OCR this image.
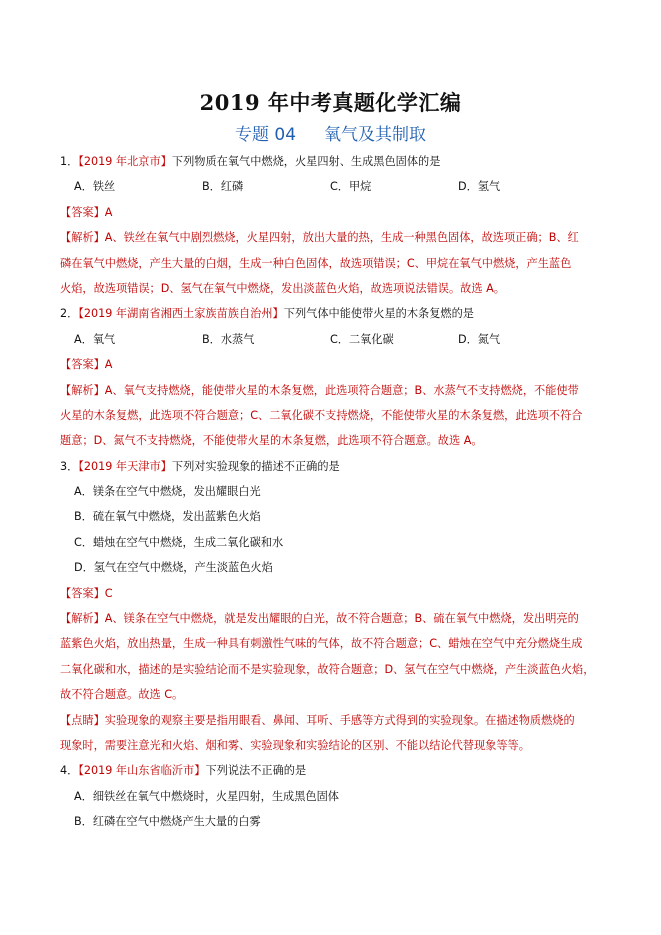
2019 年中考真题化学汇编
专题 04 氧气及其制取
1．【2019 年北京市】下列物质在氧气中燃烧，火星四射、生成黑色固体的是
A．铁丝	B．红磷	C．甲烷	D．氢气
【答案】A
【解析】A、铁丝在氧气中剧烈燃烧，火星四射，放出大量的热，生成一种黑色固体，故选项正确；B、红
磷在氧气中燃烧，产生大量的白烟，生成一种白色固体，故选项错误；C、甲烷在氧气中燃烧，产生蓝色
火焰，故选项错误；D、氢气在氧气中燃烧，发出淡蓝色火焰，故选项说法错误。故选 A。
2．【2019 年湖南省湘西土家族苗族自治州】下列气体中能使带火星的木条复燃的是
A．氧气	B．水蒸气	C．二氧化碳	D．氮气
【答案】A
【解析】A、氧气支持燃烧，能使带火星的木条复燃，此选项符合题意；B、水蒸气不支持燃烧，不能使带
火星的木条复燃，此选项不符合题意；C、二氧化碳不支持燃烧，不能使带火星的木条复燃，此选项不符合
题意；D、氮气不支持燃烧，不能使带火星的木条复燃，此选项不符合题意。故选 A。
3．【2019 年天津市】下列对实验现象的描述不正确的是
A．镁条在空气中燃烧，发出耀眼白光
B．硫在氧气中燃烧，发出蓝紫色火焰
C．蜡烛在空气中燃烧，生成二氧化碳和水
D．氢气在空气中燃烧，产生淡蓝色火焰
【答案】C
【解析】A、镁条在空气中燃烧，就是发出耀眼的白光，故不符合题意；B、硫在氧气中燃烧，发出明亮的
蓝紫色火焰，放出热量，生成一种具有刺激性气味的气体，故不符合题意；C、蜡烛在空气中充分燃烧生成
二氧化碳和水，描述的是实验结论而不是实验现象，故符合题意；D、氢气在空气中燃烧，产生淡蓝色火焰，
故不符合题意。故选 C。
【点睛】实验现象的观察主要是指用眼看、鼻闻、耳听、手感等方式得到的实验现象。在描述物质燃烧的
现象时，需要注意光和火焰、烟和雾、实验现象和实验结论的区别、不能以结论代替现象等等。
4．【2019 年山东省临沂市】下列说法不正确的是
A．细铁丝在氧气中燃烧时，火星四射，生成黑色固体
B．红磷在空气中燃烧产生大量的白雾
